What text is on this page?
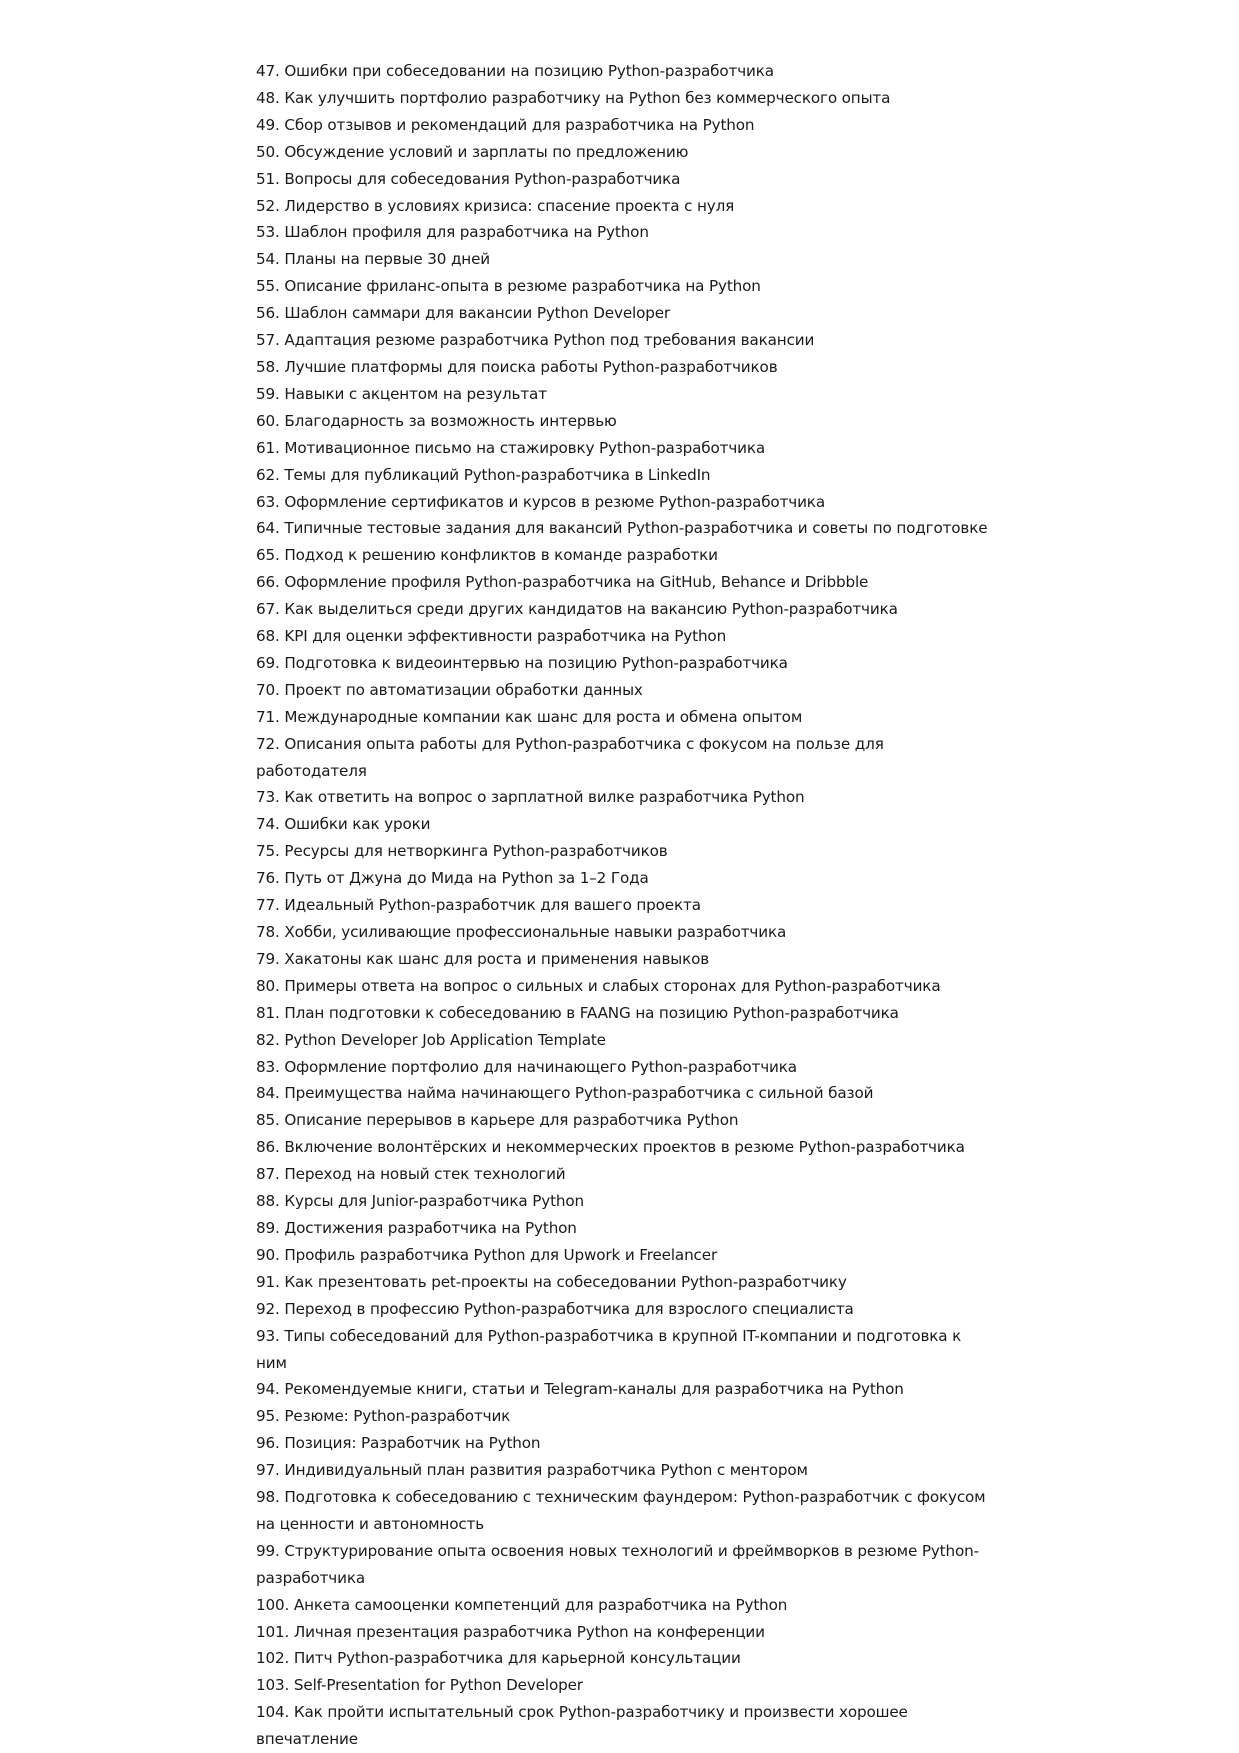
47. Ошибки при собеседовании на позицию Python-разработчика
48. Как улучшить портфолио разработчику на Python без коммерческого опыта
49. Сбор отзывов и рекомендаций для разработчика на Python
50. Обсуждение условий и зарплаты по предложению
51. Вопросы для собеседования Python-разработчика
52. Лидерство в условиях кризиса: спасение проекта с нуля
53. Шаблон профиля для разработчика на Python
54. Планы на первые 30 дней
55. Описание фриланс-опыта в резюме разработчика на Python
56. Шаблон саммари для вакансии Python Developer
57. Адаптация резюме разработчика Python под требования вакансии
58. Лучшие платформы для поиска работы Python-разработчиков
59. Навыки с акцентом на результат
60. Благодарность за возможность интервью
61. Мотивационное письмо на стажировку Python-разработчика
62. Темы для публикаций Python-разработчика в LinkedIn
63. Оформление сертификатов и курсов в резюме Python-разработчика
64. Типичные тестовые задания для вакансий Python-разработчика и советы по подготовке
65. Подход к решению конфликтов в команде разработки
66. Оформление профиля Python-разработчика на GitHub, Behance и Dribbble
67. Как выделиться среди других кандидатов на вакансию Python-разработчика
68. KPI для оценки эффективности разработчика на Python
69. Подготовка к видеоинтервью на позицию Python-разработчика
70. Проект по автоматизации обработки данных
71. Международные компании как шанс для роста и обмена опытом
72. Описания опыта работы для Python-разработчика с фокусом на пользе для работодателя
73. Как ответить на вопрос о зарплатной вилке разработчика Python
74. Ошибки как уроки
75. Ресурсы для нетворкинга Python-разработчиков
76. Путь от Джуна до Мида на Python за 1–2 Года
77. Идеальный Python-разработчик для вашего проекта
78. Хобби, усиливающие профессиональные навыки разработчика
79. Хакатоны как шанс для роста и применения навыков
80. Примеры ответа на вопрос о сильных и слабых сторонах для Python-разработчика
81. План подготовки к собеседованию в FAANG на позицию Python-разработчика
82. Python Developer Job Application Template
83. Оформление портфолио для начинающего Python-разработчика
84. Преимущества найма начинающего Python-разработчика с сильной базой
85. Описание перерывов в карьере для разработчика Python
86. Включение волонтёрских и некоммерческих проектов в резюме Python-разработчика
87. Переход на новый стек технологий
88. Курсы для Junior-разработчика Python
89. Достижения разработчика на Python
90. Профиль разработчика Python для Upwork и Freelancer
91. Как презентовать pet-проекты на собеседовании Python-разработчику
92. Переход в профессию Python-разработчика для взрослого специалиста
93. Типы собеседований для Python-разработчика в крупной IT-компании и подготовка к ним
94. Рекомендуемые книги, статьи и Telegram-каналы для разработчика на Python
95. Резюме: Python-разработчик
96. Позиция: Разработчик на Python
97. Индивидуальный план развития разработчика Python с ментором
98. Подготовка к собеседованию с техническим фаундером: Python-разработчик с фокусом на ценности и автономность
99. Структурирование опыта освоения новых технологий и фреймворков в резюме Python-разработчика
100. Анкета самооценки компетенций для разработчика на Python
101. Личная презентация разработчика Python на конференции
102. Питч Python-разработчика для карьерной консультации
103. Self-Presentation for Python Developer
104. Как пройти испытательный срок Python-разработчику и произвести хорошее впечатление
